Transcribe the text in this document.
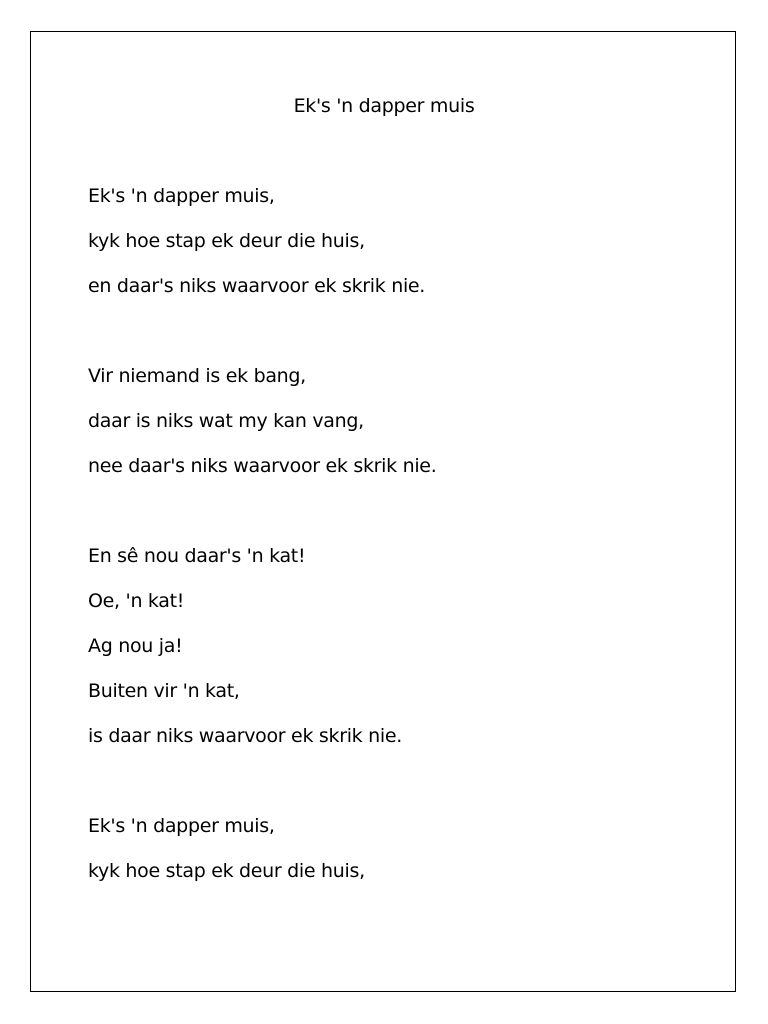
Ek's 'n dapper muis
Ek's 'n dapper muis,
kyk hoe stap ek deur die huis,
en daar's niks waarvoor ek skrik nie.
Vir niemand is ek bang,
daar is niks wat my kan vang,
nee daar's niks waarvoor ek skrik nie.
En sê nou daar's 'n kat!
Oe, 'n kat!
Ag nou ja!
Buiten vir 'n kat,
is daar niks waarvoor ek skrik nie.
Ek's 'n dapper muis,
kyk hoe stap ek deur die huis,
